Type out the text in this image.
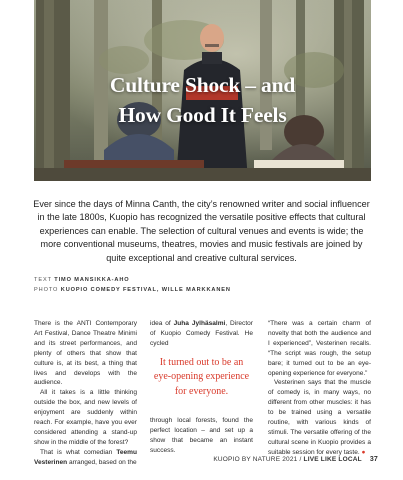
Culture Shock – and
How Good It Feels
Ever since the days of Minna Canth, the city’s renowned writer and social influencer in the late 1800s, Kuopio has recognized the versatile positive effects that cultural experiences can enable. The selection of cultural venues and events is wide; the more conventional museums, theatres, movies and music festivals are joined by quite exceptional and creative cultural services.
TEXT TIMO MANSIKKA-AHO
PHOTO KUOPIO COMEDY FESTIVAL, WILLE MARKKANEN

There is the ANTI Contemporary Art Festival, Dance Theatre Minimi and its street performances, and plenty of others that show that culture is, at its best, a thing that lives and develops with the audience.

All it takes is a little thinking outside the box, and new levels of enjoyment are suddenly within reach. For example, have you ever considered attending a stand-up show in the middle of the forest?

That is what comedian Teemu Vesterinen arranged, based on the

idea of Juha Jylhäsalmi, Director of Kuopio Comedy Festival. He cycled

It turned out to be an eye-opening experience for everyone.
through local forests, found the perfect location – and set up a show that became an instant success.

“There was a certain charm of novelty that both the audience and I experienced”, Vesterinen recalls. “The script was rough, the setup bare; it turned out to be an eye-opening experience for everyone.”

Vesterinen says that the muscle of comedy is, in many ways, no different from other muscles: it has to be trained using a versatile routine, with various kinds of stimuli. The versatile offering of the cultural scene in Kuopio provides a suitable session for every taste. ●

KUOPIO BY NATURE 2021 / LIVE LIKE LOCAL 37
